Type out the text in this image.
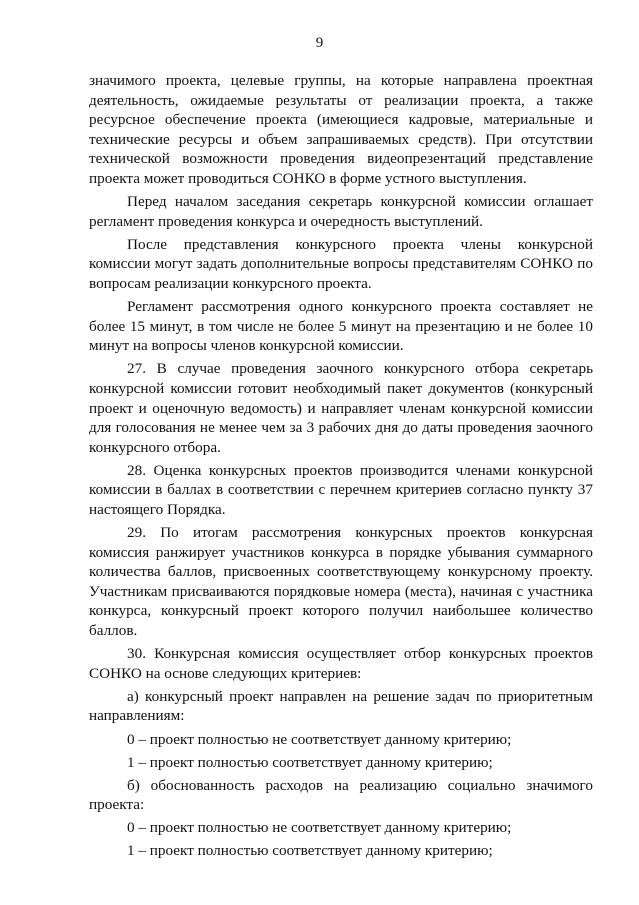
9

значимого проекта, целевые группы, на которые направлена проектная деятельность, ожидаемые результаты от реализации проекта, а также ресурсное обеспечение проекта (имеющиеся кадровые, материальные и технические ресурсы и объем запрашиваемых средств). При отсутствии технической возможности проведения видеопрезентаций представление проекта может проводиться СОНКО в форме устного выступления.

Перед началом заседания секретарь конкурсной комиссии оглашает регламент проведения конкурса и очередность выступлений.

После представления конкурсного проекта члены конкурсной комиссии могут задать дополнительные вопросы представителям СОНКО по вопросам реализации конкурсного проекта.

Регламент рассмотрения одного конкурсного проекта составляет не более 15 минут, в том числе не более 5 минут на презентацию и не более 10 минут на вопросы членов конкурсной комиссии.

27. В случае проведения заочного конкурсного отбора секретарь конкурсной комиссии готовит необходимый пакет документов (конкурсный проект и оценочную ведомость) и направляет членам конкурсной комиссии для голосования не менее чем за 3 рабочих дня до даты проведения заочного конкурсного отбора.

28. Оценка конкурсных проектов производится членами конкурсной комиссии в баллах в соответствии с перечнем критериев согласно пункту 37 настоящего Порядка.

29. По итогам рассмотрения конкурсных проектов конкурсная комиссия ранжирует участников конкурса в порядке убывания суммарного количества баллов, присвоенных соответствующему конкурсному проекту. Участникам присваиваются порядковые номера (места), начиная с участника конкурса, конкурсный проект которого получил наибольшее количество баллов.

30. Конкурсная комиссия осуществляет отбор конкурсных проектов СОНКО на основе следующих критериев:

а) конкурсный проект направлен на решение задач по приоритетным направлениям:

0 – проект полностью не соответствует данному критерию;

1 – проект полностью соответствует данному критерию;

б) обоснованность расходов на реализацию социально значимого проекта:

0 – проект полностью не соответствует данному критерию;

1 – проект полностью соответствует данному критерию;
